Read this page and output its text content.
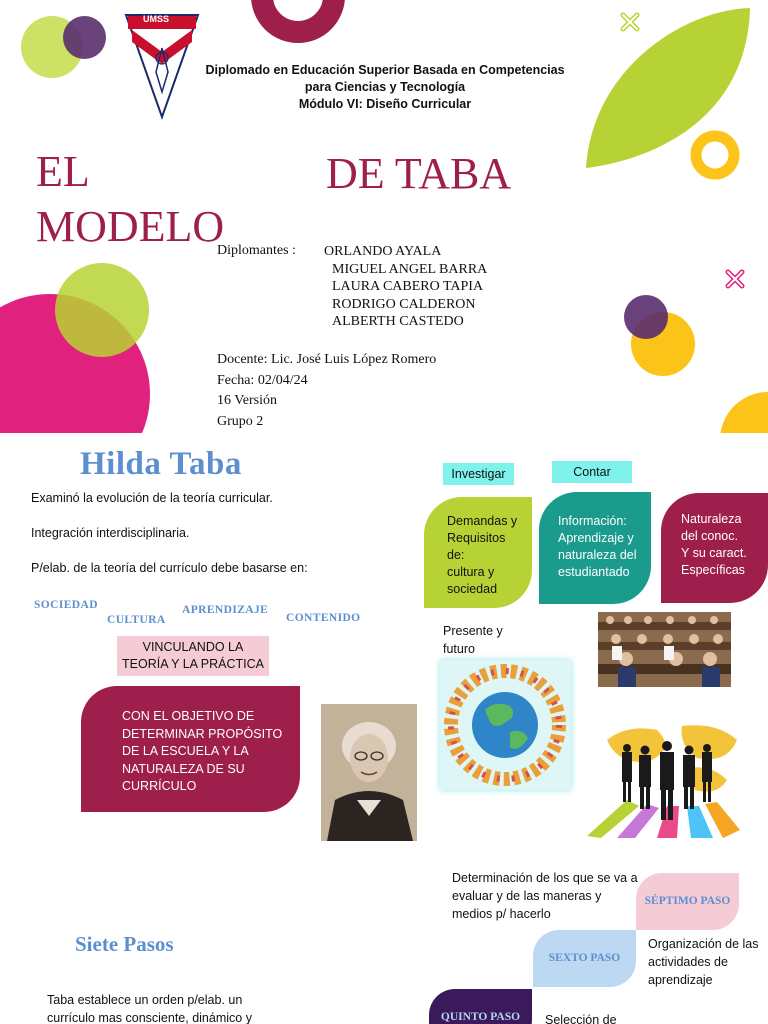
UMSS
Diplomado en Educación Superior Basada en Competencias
para Ciencias y Tecnología
Módulo VI: Diseño Curricular
EL
MODELO
DE TABA
Diplomantes : ORLANDO AYALA
MIGUEL ANGEL BARRA
LAURA CABERO TAPIA
RODRIGO CALDERON
ALBERTH CASTEDO
Docente: Lic. José Luis López Romero
Fecha: 02/04/24
16 Versión
Grupo 2
Hilda Taba
Examinó la evolución de la teoría curricular.
Integración interdisciplinaria.
P/elab. de la teoría del currículo debe basarse en:
SOCIEDAD
CULTURA
APRENDIZAJE
CONTENIDO
VINCULANDO LA
TEORÍA Y LA PRÁCTICA
CON EL OBJETIVO DE
DETERMINAR PROPÓSITO
DE LA ESCUELA Y LA
NATURALEZA DE SU
CURRÍCULO
Investigar	Contar
Demandas y
Requisitos
de:
cultura y
sociedad
Información:
Aprendizaje y
naturaleza del
estudiantado
Naturaleza
del conoc.
Y su caract.
Específicas
Presente y
futuro
Siete Pasos
Taba establece un orden p/elab. un
currículo mas consciente, dinámico y
Determinación de los que se va a
evaluar y de las maneras y
medios p/ hacerlo
SÉPTIMO PASO
SEXTO PASO
Organización de las
actividades de
aprendizaje
QUINTO PASO	Selección de
